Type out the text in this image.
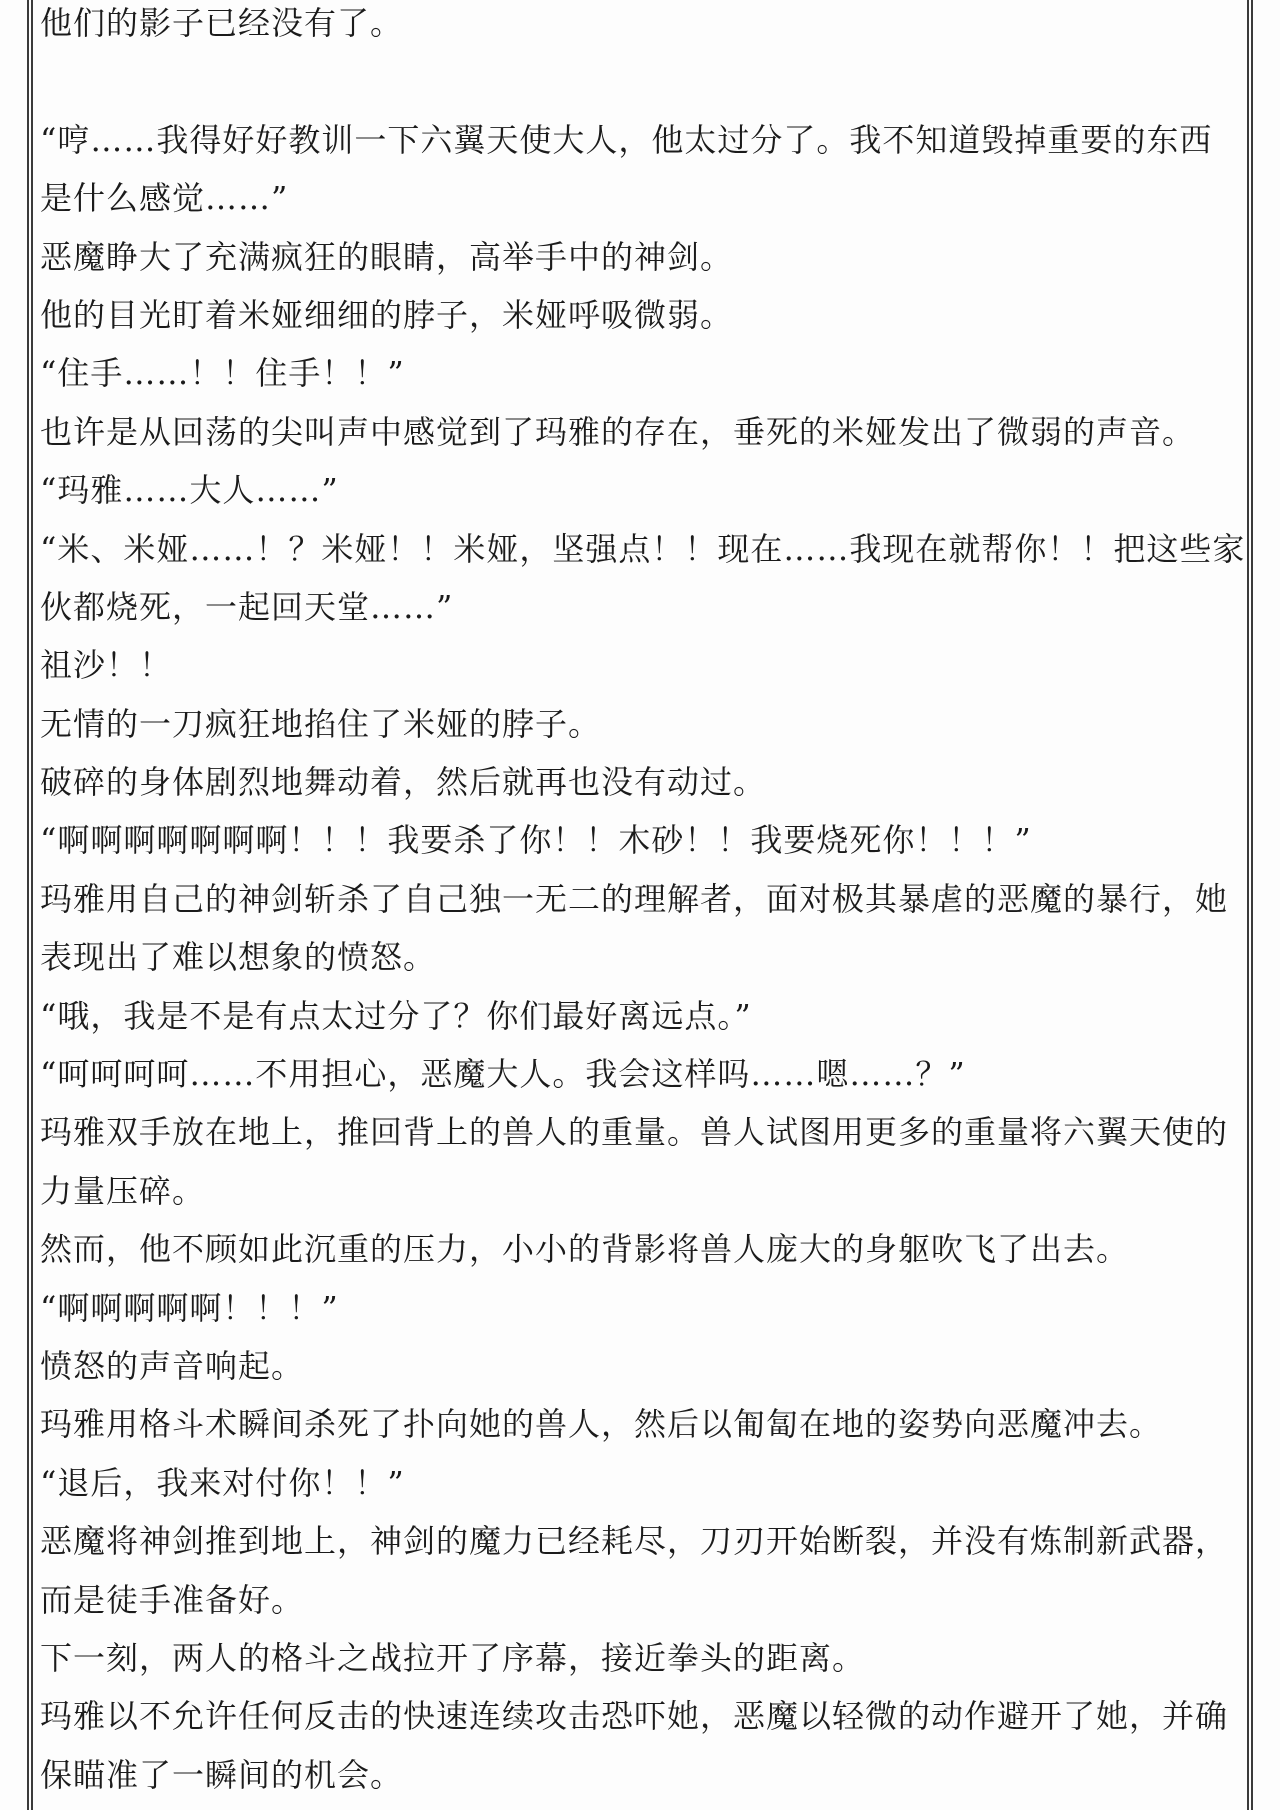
他们的影子已经没有了。

“哼……我得好好教训一下六翼天使大人，他太过分了。我不知道毁掉重要的东西

是什么感觉……”

恶魔睁大了充满疯狂的眼睛，高举手中的神剑。

他的目光盯着米娅细细的脖子，米娅呼吸微弱。

“住手……！！住手！！”

也许是从回荡的尖叫声中感觉到了玛雅的存在，垂死的米娅发出了微弱的声音。

“玛雅……大人……”

“米、米娅……！？米娅！！米娅，坚强点！！现在……我现在就帮你！！把这些家

伙都烧死，一起回天堂……”

祖沙！！

无情的一刀疯狂地掐住了米娅的脖子。

破碎的身体剧烈地舞动着，然后就再也没有动过。

“啊啊啊啊啊啊啊！！！我要杀了你！！木砂！！我要烧死你！！！”

玛雅用自己的神剑斩杀了自己独一无二的理解者，面对极其暴虐的恶魔的暴行，她

表现出了难以想象的愤怒。

“哦，我是不是有点太过分了？你们最好离远点。”

“呵呵呵呵……不用担心，恶魔大人。我会这样吗……嗯……？”

玛雅双手放在地上，推回背上的兽人的重量。兽人试图用更多的重量将六翼天使的

力量压碎。

然而，他不顾如此沉重的压力，小小的背影将兽人庞大的身躯吹飞了出去。

“啊啊啊啊啊！！！”

愤怒的声音响起。

玛雅用格斗术瞬间杀死了扑向她的兽人，然后以匍匐在地的姿势向恶魔冲去。

“退后，我来对付你！！”

恶魔将神剑推到地上，神剑的魔力已经耗尽，刀刃开始断裂，并没有炼制新武器，

而是徒手准备好。

下一刻，两人的格斗之战拉开了序幕，接近拳头的距离。

玛雅以不允许任何反击的快速连续攻击恐吓她，恶魔以轻微的动作避开了她，并确

保瞄准了一瞬间的机会。
